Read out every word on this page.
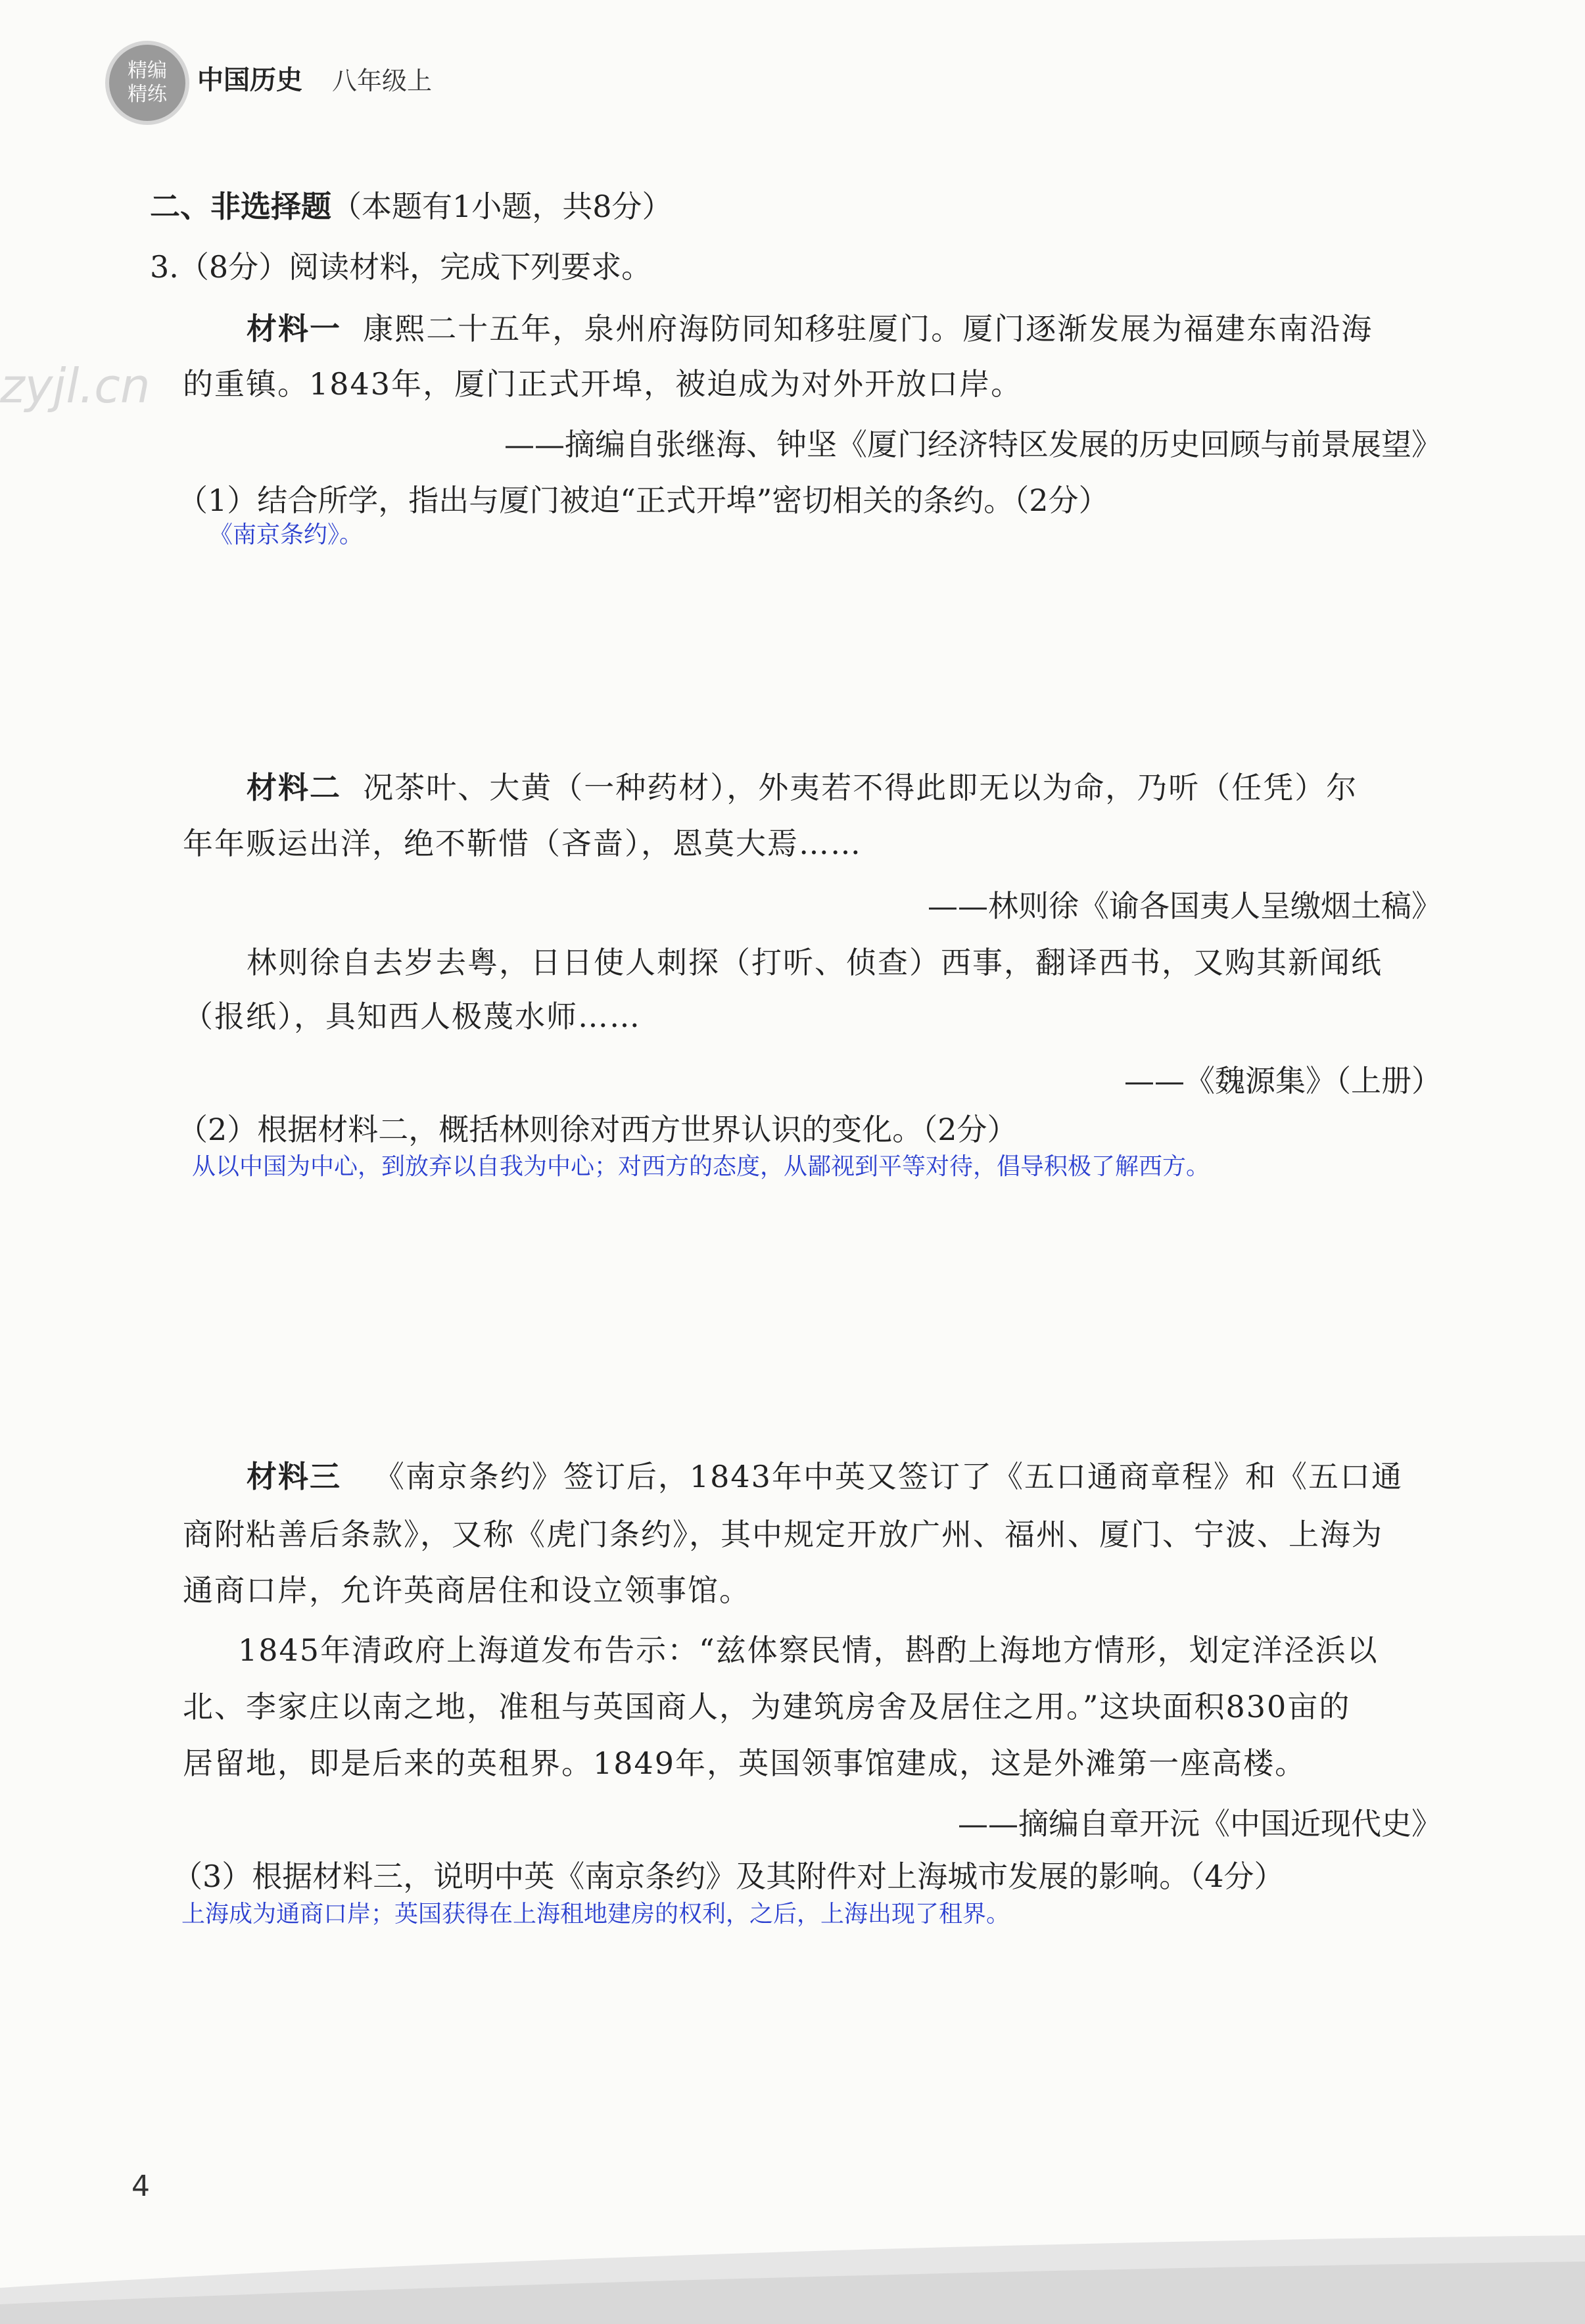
精编
精练 中国历史 八年级上
zyjl.cn
二、非选择题（本题有1小题，共8分）
3.（8分）阅读材料，完成下列要求。
材料一 康熙二十五年，泉州府海防同知移驻厦门。厦门逐渐发展为福建东南沿海
的重镇。1843年，厦门正式开埠，被迫成为对外开放口岸。
——摘编自张继海、钟坚《厦门经济特区发展的历史回顾与前景展望》
（1）结合所学，指出与厦门被迫“正式开埠”密切相关的条约。（2分）
《南京条约》。
材料二 况茶叶、大黄（一种药材），外夷若不得此即无以为命，乃听（任凭）尔
年年贩运出洋，绝不靳惜（吝啬），恩莫大焉……
——林则徐《谕各国夷人呈缴烟土稿》
林则徐自去岁去粤，日日使人刺探（打听、侦查）西事，翻译西书，又购其新闻纸
（报纸），具知西人极蔑水师……
——《魏源集》（上册）
（2）根据材料二，概括林则徐对西方世界认识的变化。（2分）
从以中国为中心，到放弃以自我为中心；对西方的态度，从鄙视到平等对待，倡导积极了解西方。
材料三 《南京条约》签订后，1843年中英又签订了《五口通商章程》和《五口通
商附粘善后条款》，又称《虎门条约》，其中规定开放广州、福州、厦门、宁波、上海为
通商口岸，允许英商居住和设立领事馆。
1845年清政府上海道发布告示：“兹体察民情，斟酌上海地方情形，划定洋泾浜以
北、李家庄以南之地，准租与英国商人，为建筑房舍及居住之用。”这块面积830亩的
居留地，即是后来的英租界。1849年，英国领事馆建成，这是外滩第一座高楼。
——摘编自章开沅《中国近现代史》
（3）根据材料三，说明中英《南京条约》及其附件对上海城市发展的影响。（4分）
上海成为通商口岸；英国获得在上海租地建房的权利，之后，上海出现了租界。
4
